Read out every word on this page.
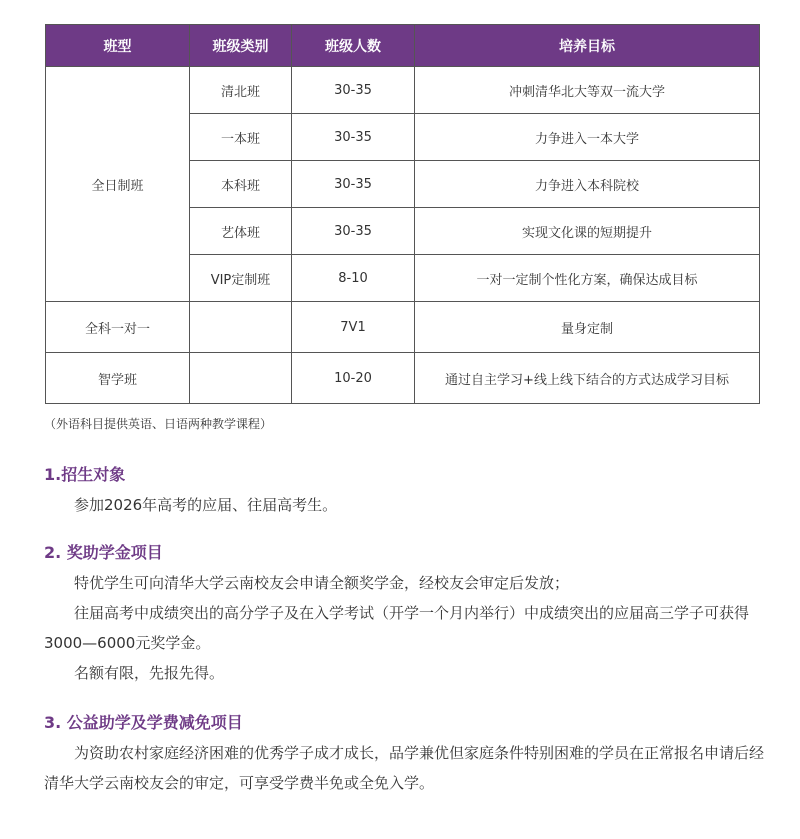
班型	班级类别	班级人数	培养目标
全日制班	清北班	30-35	冲刺清华北大等双一流大学
	一本班	30-35	力争进入一本大学
	本科班	30-35	力争进入本科院校
	艺体班	30-35	实现文化课的短期提升
	VIP定制班	8-10	一对一定制个性化方案，确保达成目标
全科一对一		7V1	量身定制
智学班		10-20	通过自主学习+线上线下结合的方式达成学习目标
（外语科目提供英语、日语两种教学课程）
1.招生对象

参加2026年高考的应届、往届高考生。

2. 奖助学金项目

特优学生可向清华大学云南校友会申请全额奖学金，经校友会审定后发放；

往届高考中成绩突出的高分学子及在入学考试（开学一个月内举行）中成绩突出的应届高三学子可获得3000—6000元奖学金。

名额有限，先报先得。

3. 公益助学及学费减免项目

为资助农村家庭经济困难的优秀学子成才成长，品学兼优但家庭条件特别困难的学员在正常报名申请后经清华大学云南校友会的审定，可享受学费半免或全免入学。
